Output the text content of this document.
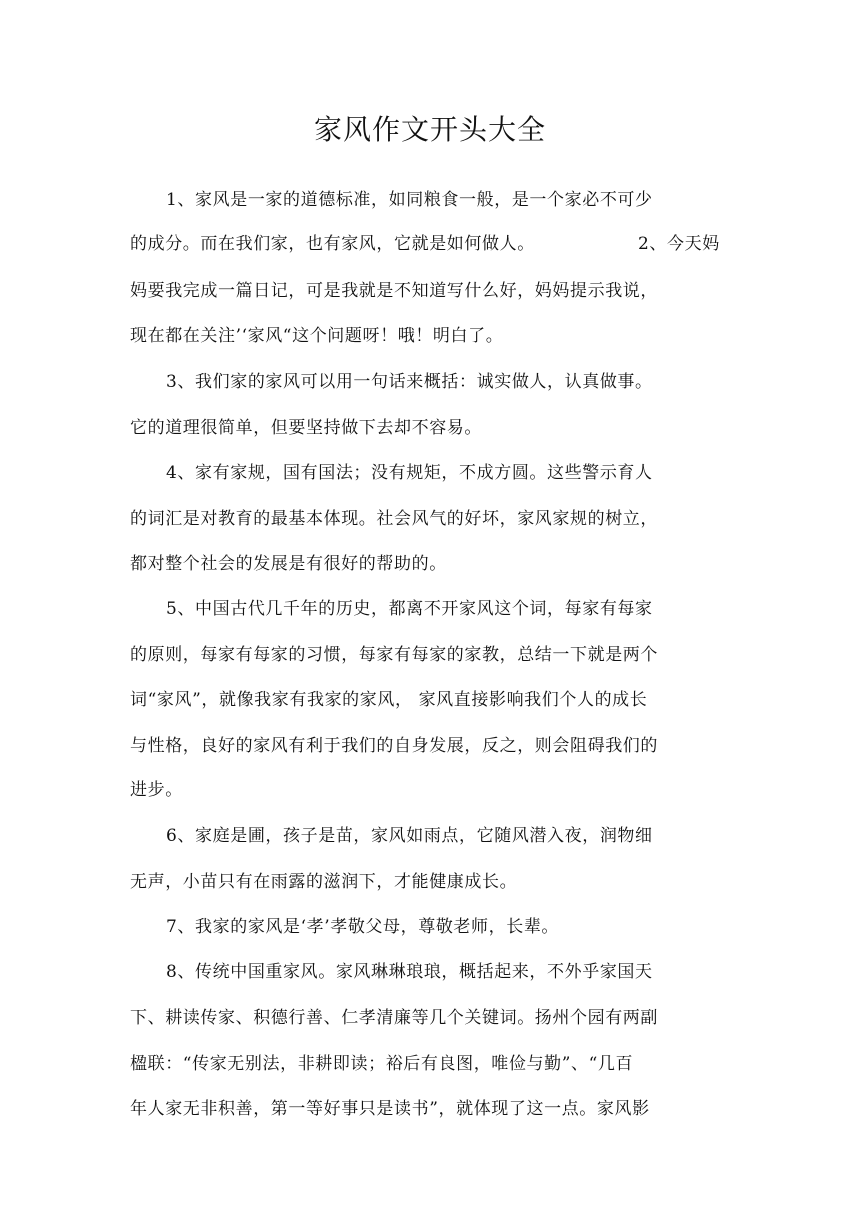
家风作文开头大全
1、家风是一家的道德标准，如同粮食一般，是一个家必不可少
的成分。而在我们家，也有家风，它就是如何做人。	2、今天妈
妈要我完成一篇日记，可是我就是不知道写什么好，妈妈提示我说，
现在都在关注’‘家风“这个问题呀！哦！明白了。
3、我们家的家风可以用一句话来概括：诚实做人，认真做事。
它的道理很简单，但要坚持做下去却不容易。
4、家有家规，国有国法；没有规矩，不成方圆。这些警示育人
的词汇是对教育的最基本体现。社会风气的好坏，家风家规的树立，
都对整个社会的发展是有很好的帮助的。
5、中国古代几千年的历史，都离不开家风这个词，每家有每家
的原则，每家有每家的习惯，每家有每家的家教，总结一下就是两个
词“家风”，就像我家有我家的家风， 家风直接影响我们个人的成长
与性格，良好的家风有利于我们的自身发展，反之，则会阻碍我们的
进步。
6、家庭是圃，孩子是苗，家风如雨点，它随风潜入夜，润物细
无声，小苗只有在雨露的滋润下，才能健康成长。
7、我家的家风是‘孝’孝敬父母，尊敬老师，长辈。
8、传统中国重家风。家风琳琳琅琅，概括起来，不外乎家国天
下、耕读传家、积德行善、仁孝清廉等几个关键词。扬州个园有两副
楹联：“传家无别法，非耕即读；裕后有良图，唯俭与勤”、“几百
年人家无非积善，第一等好事只是读书”，就体现了这一点。家风影
